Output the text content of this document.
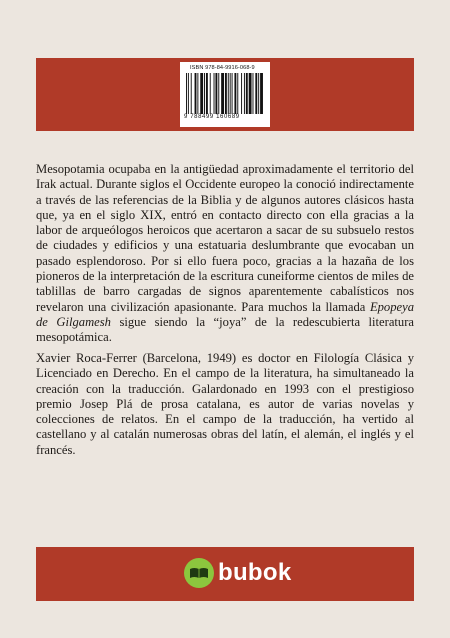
ISBN 978-84-9916-068-9
9 788499 160689

Mesopotamia ocupaba en la antigüedad aproximadamente el territorio del Irak actual. Durante siglos el Occidente europeo la conoció indirectamente a través de las referencias de la Biblia y de algunos autores clásicos hasta que, ya en el siglo XIX, entró en contacto directo con ella gracias a la labor de arqueólogos heroicos que acertaron a sacar de su subsuelo restos de ciudades y edificios y una estatuaria deslumbrante que evocaban un pasado esplendoroso. Por si ello fuera poco, gracias a la hazaña de los pioneros de la interpretación de la escritura cuneiforme cientos de miles de tablillas de barro cargadas de signos aparentemente cabalísticos nos revelaron una civilización apasionante. Para muchos la llamada Epopeya de Gilgamesh sigue siendo la “joya” de la redescubierta literatura mesopotámica.

Xavier Roca-Ferrer (Barcelona, 1949) es doctor en Filología Clásica y Licenciado en Derecho. En el campo de la literatura, ha simultaneado la creación con la traducción. Galardonado en 1993 con el prestigioso premio Josep Plá de prosa catalana, es autor de varias novelas y colecciones de relatos. En el campo de la traducción, ha vertido al castellano y al catalán numerosas obras del latín, el alemán, el inglés y el francés.

bubok
